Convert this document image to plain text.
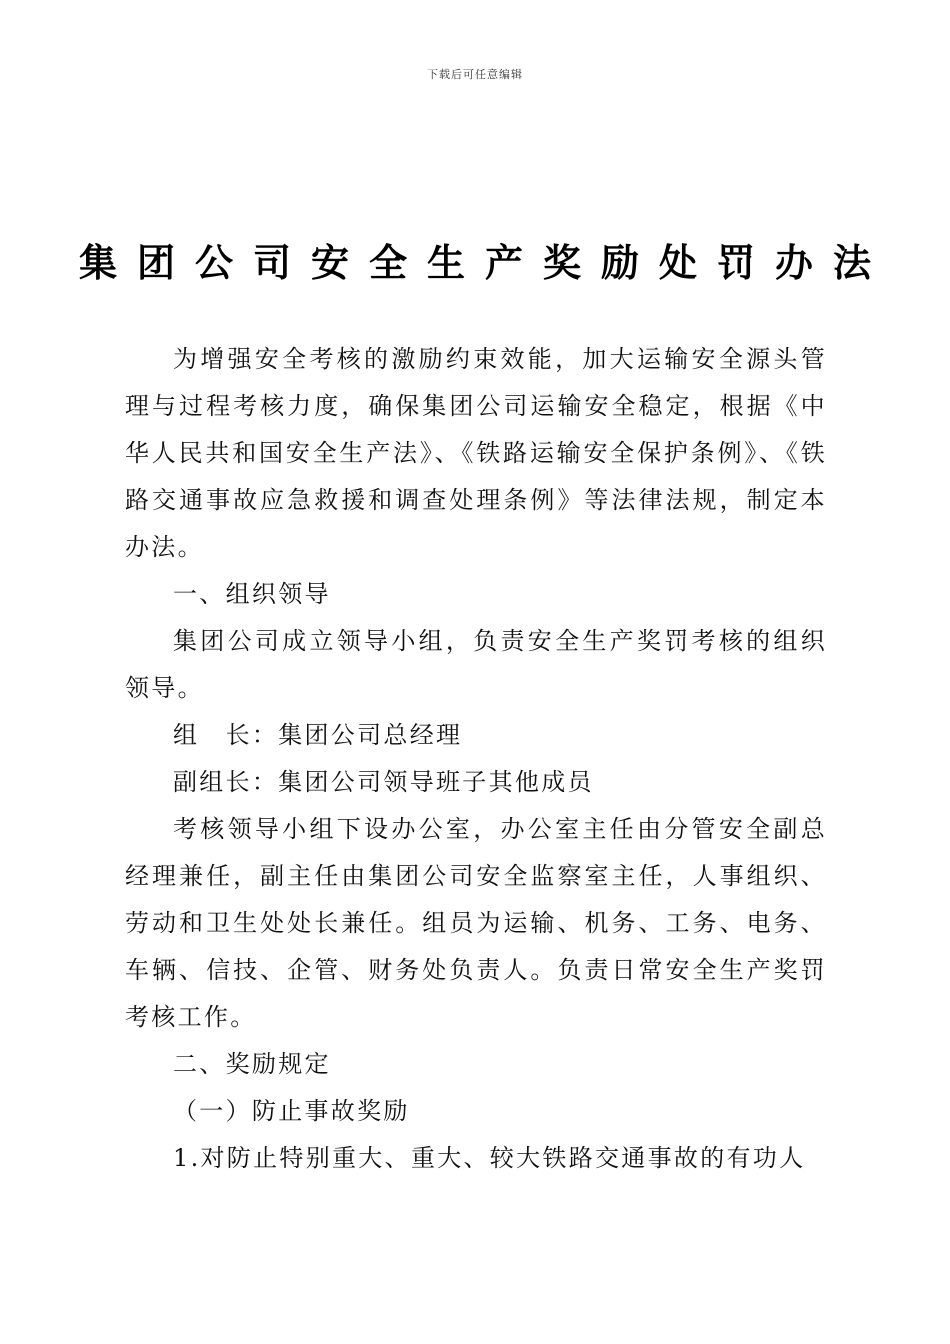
下载后可任意编辑
集团公司安全生产奖励处罚办法

为增强安全考核的激励约束效能，加大运输安全源头管理与过程考核力度，确保集团公司运输安全稳定，根据《中华人民共和国安全生产法》、《铁路运输安全保护条例》、《铁路交通事故应急救援和调查处理条例》等法律法规，制定本办法。

一、组织领导

集团公司成立领导小组，负责安全生产奖罚考核的组织领导。

组　长：集团公司总经理

副组长：集团公司领导班子其他成员

考核领导小组下设办公室，办公室主任由分管安全副总经理兼任，副主任由集团公司安全监察室主任，人事组织、劳动和卫生处处长兼任。组员为运输、机务、工务、电务、车辆、信技、企管、财务处负责人。负责日常安全生产奖罚考核工作。

二、奖励规定

（一）防止事故奖励

1.对防止特别重大、重大、较大铁路交通事故的有功人
